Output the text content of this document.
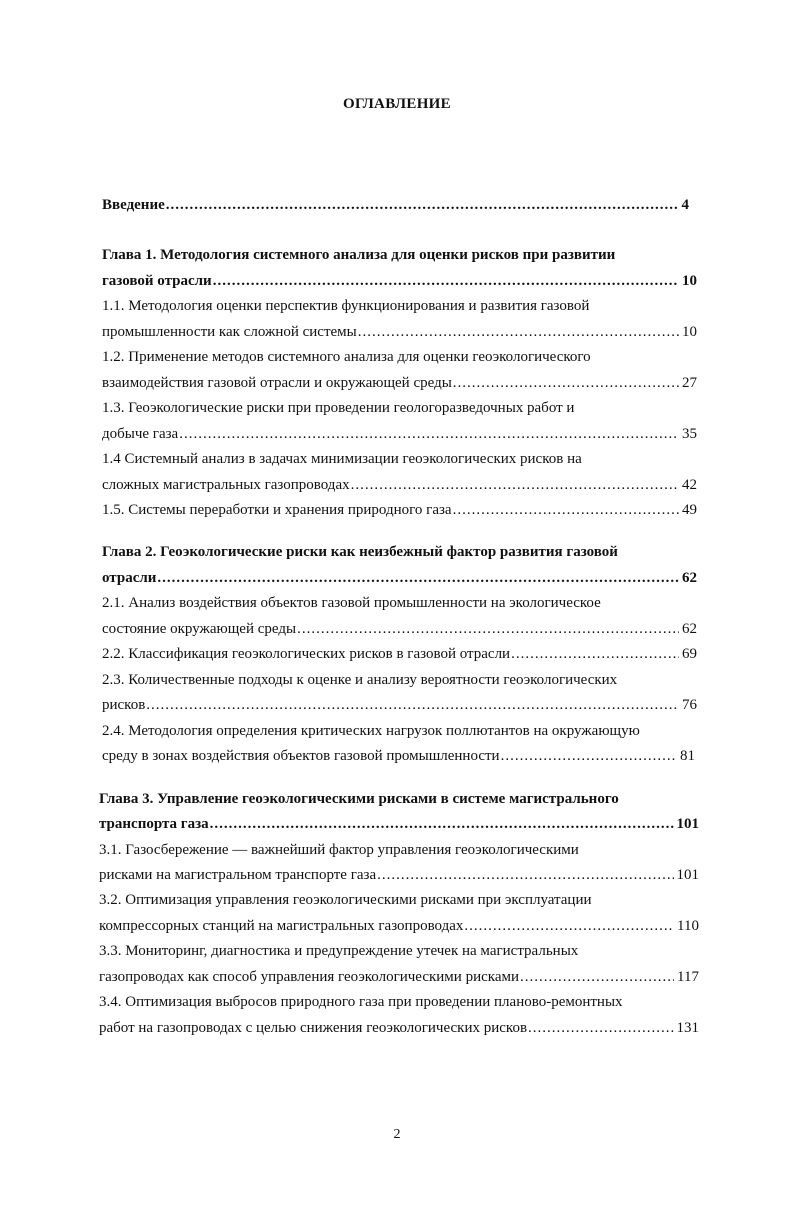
ОГЛАВЛЕНИЕ
Введение .....	4
Глава 1. Методология системного анализа для оценки рисков при развитии
газовой отрасли .....	10
1.1. Методология оценки перспектив функционирования и развития газовой
промышленности как сложной системы .....	10
1.2. Применение методов системного анализа для оценки геоэкологического
взаимодействия газовой отрасли и окружающей среды .....	27
1.3. Геоэкологические риски при проведении геологоразведочных работ и
добыче газа .....	35
1.4 Системный анализ в задачах минимизации геоэкологических рисков на
сложных магистральных газопроводах .....	42
1.5. Системы переработки и хранения природного газа .....	49
Глава 2. Геоэкологические риски как неизбежный фактор развития газовой
отрасли .....	62
2.1. Анализ воздействия объектов газовой промышленности на экологическое
состояние окружающей среды .....	62
2.2. Классификация геоэкологических рисков в газовой отрасли .....	69
2.3. Количественные подходы к оценке и анализу вероятности геоэкологических
рисков .....	76
2.4. Методология определения критических нагрузок поллютантов на окружающую
среду в зонах воздействия объектов газовой промышленности .....	81
Глава 3. Управление геоэкологическими рисками в системе магистрального
транспорта газа .....	101
3.1. Газосбережение — важнейший фактор управления геоэкологическими
рисками на магистральном транспорте газа .....	101
3.2. Оптимизация управления геоэкологическими рисками при эксплуатации
компрессорных станций на магистральных газопроводах .....	110
3.3. Мониторинг, диагностика и предупреждение утечек на магистральных
газопроводах как способ управления геоэкологическими рисками .....	117
3.4. Оптимизация выбросов природного газа при проведении планово-ремонтных
работ на газопроводах с целью снижения геоэкологических рисков .....	131
2
